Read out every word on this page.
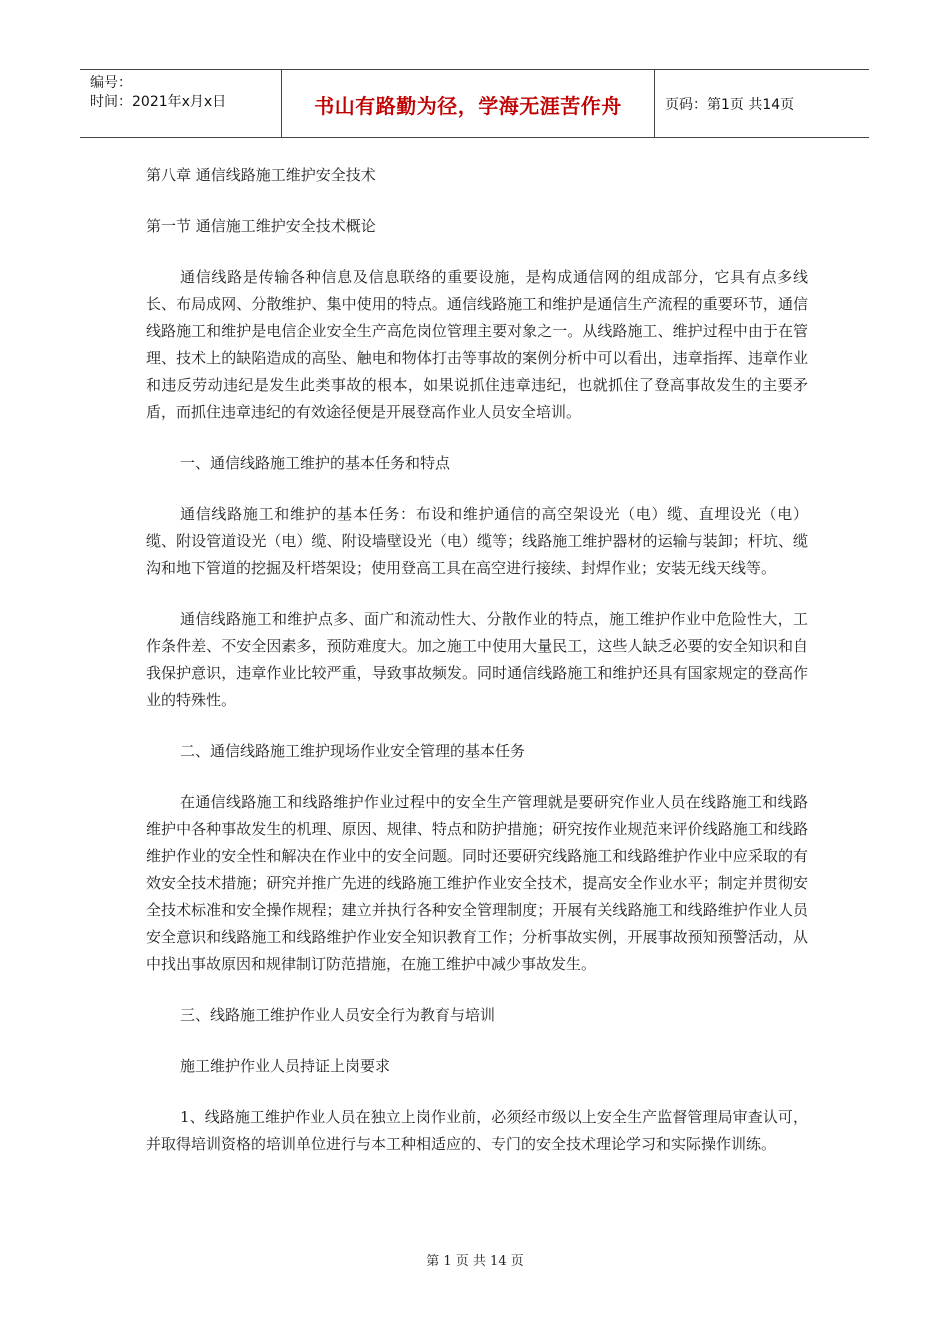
编号：
时间：2021年x月x日	书山有路勤为径，学海无涯苦作舟	页码：第1页 共14页

第八章 通信线路施工维护安全技术

第一节 通信施工维护安全技术概论

通信线路是传输各种信息及信息联络的重要设施，是构成通信网的组成部分，它具有点多线长、布局成网、分散维护、集中使用的特点。通信线路施工和维护是通信生产流程的重要环节，通信线路施工和维护是电信企业安全生产高危岗位管理主要对象之一。从线路施工、维护过程中由于在管理、技术上的缺陷造成的高坠、触电和物体打击等事故的案例分析中可以看出，违章指挥、违章作业和违反劳动违纪是发生此类事故的根本，如果说抓住违章违纪，也就抓住了登高事故发生的主要矛盾，而抓住违章违纪的有效途径便是开展登高作业人员安全培训。

一、通信线路施工维护的基本任务和特点

通信线路施工和维护的基本任务：布设和维护通信的高空架设光（电）缆、直埋设光（电）缆、附设管道设光（电）缆、附设墙壁设光（电）缆等；线路施工维护器材的运输与装卸；杆坑、缆沟和地下管道的挖掘及杆塔架设；使用登高工具在高空进行接续、封焊作业；安装无线天线等。

通信线路施工和维护点多、面广和流动性大、分散作业的特点，施工维护作业中危险性大，工作条件差、不安全因素多，预防难度大。加之施工中使用大量民工，这些人缺乏必要的安全知识和自我保护意识，违章作业比较严重，导致事故频发。同时通信线路施工和维护还具有国家规定的登高作业的特殊性。

二、通信线路施工维护现场作业安全管理的基本任务

在通信线路施工和线路维护作业过程中的安全生产管理就是要研究作业人员在线路施工和线路维护中各种事故发生的机理、原因、规律、特点和防护措施；研究按作业规范来评价线路施工和线路维护作业的安全性和解决在作业中的安全问题。同时还要研究线路施工和线路维护作业中应采取的有效安全技术措施；研究并推广先进的线路施工维护作业安全技术，提高安全作业水平；制定并贯彻安全技术标准和安全操作规程；建立并执行各种安全管理制度；开展有关线路施工和线路维护作业人员安全意识和线路施工和线路维护作业安全知识教育工作；分析事故实例，开展事故预知预警活动，从中找出事故原因和规律制订防范措施，在施工维护中减少事故发生。

三、线路施工维护作业人员安全行为教育与培训

施工维护作业人员持证上岗要求

1、线路施工维护作业人员在独立上岗作业前，必须经市级以上安全生产监督管理局审查认可，并取得培训资格的培训单位进行与本工种相适应的、专门的安全技术理论学习和实际操作训练。

第 1 页 共 14 页
